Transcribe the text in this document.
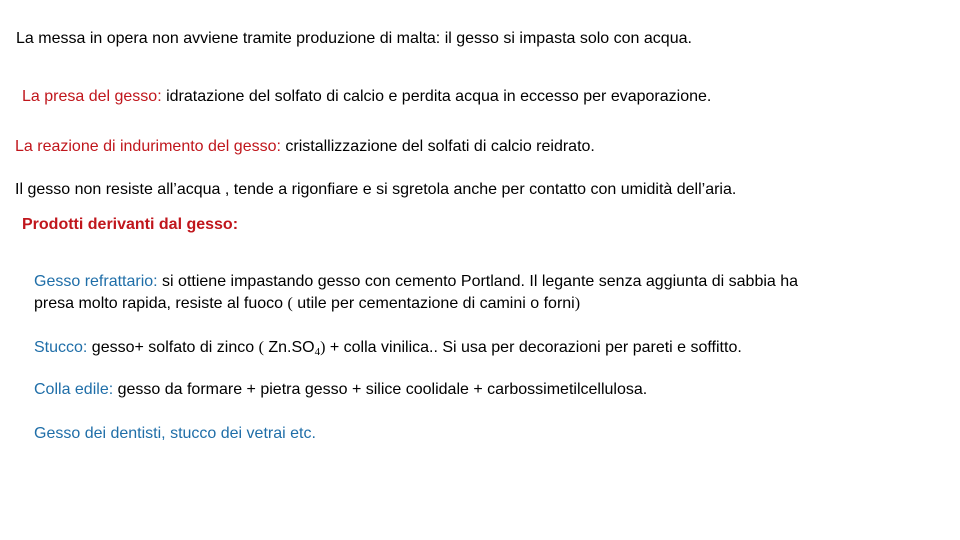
La messa in opera non avviene tramite produzione di malta: il gesso si impasta solo con acqua.
La presa del gesso: idratazione del solfato di calcio e perdita acqua in eccesso per evaporazione.
La reazione di indurimento del gesso: cristallizzazione del solfati di calcio reidrato.
Il gesso non resiste all’acqua , tende a rigonfiare e si sgretola anche per contatto con umidità dell’aria.
Prodotti derivanti dal gesso:
Gesso refrattario: si ottiene impastando gesso con cemento Portland. Il legante senza aggiunta di sabbia ha
presa molto rapida, resiste al fuoco ( utile per cementazione di camini o forni)
Stucco: gesso+ solfato di zinco ( $Zn.SO_4$) + colla vinilica.. Si usa per decorazioni per pareti e soffitto.
Colla edile: gesso da formare + pietra gesso + silice coolidale + carbossimetilcellulosa.
Gesso dei dentisti, stucco dei vetrai etc.
